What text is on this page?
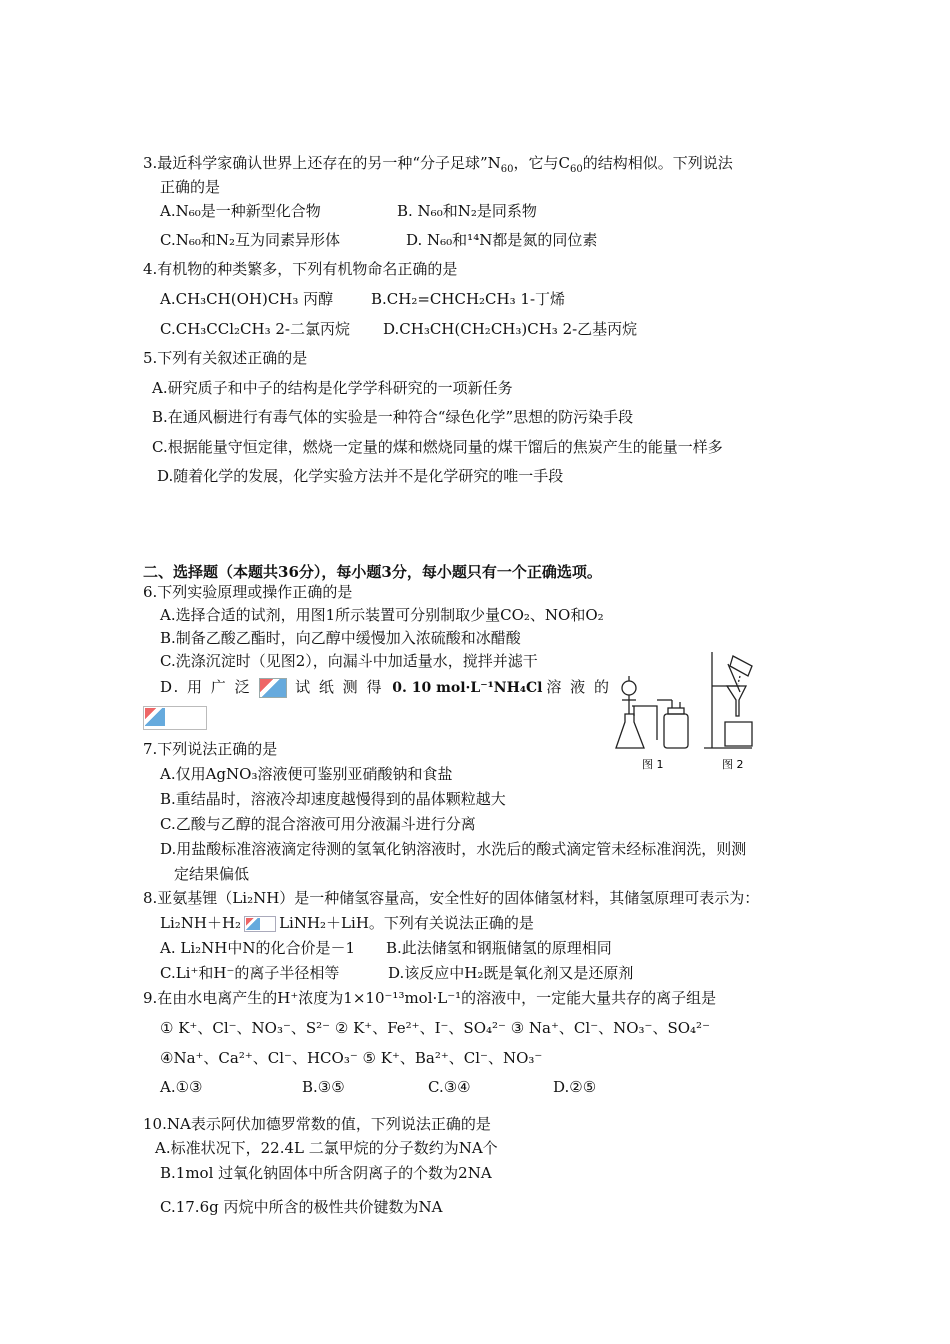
3.最近科学家确认世界上还存在的另一种“分子足球$”N_{60}$，它与$C_{60}$的结构相似。下列说法
正确的是
A.N₆₀是一种新型化合物	B. N₆₀和N₂是同系物
C.N₆₀和N₂互为同素异形体	D. N₆₀和¹⁴N都是氮的同位素
4.有机物的种类繁多，下列有机物命名正确的是
A.CH₃CH(OH)CH₃ 丙醇	B.CH₂=CHCH₂CH₃ 1-丁烯
C.CH₃CCl₂CH₃ 2-二氯丙烷 D.CH₃CH(CH₂CH₃)CH₃ 2-乙基丙烷
5.下列有关叙述正确的是
A.研究质子和中子的结构是化学学科研究的一项新任务
B.在通风橱进行有毒气体的实验是一种符合“绿色化学”思想的防污染手段
C.根据能量守恒定律，燃烧一定量的煤和燃烧同量的煤干馏后的焦炭产生的能量一样多
D.随着化学的发展，化学实验方法并不是化学研究的唯一手段
二、选择题（本题共36分），每小题3分，每小题只有一个正确选项。
6.下列实验原理或操作正确的是
A.选择合适的试剂，用图1所示装置可分别制取少量CO₂、NO和O₂
B.制备乙酸乙酯时，向乙醇中缓慢加入浓硫酸和冰醋酸
C.洗涤沉淀时（见图2），向漏斗中加适量水，搅拌并滤干
D. 用 广 泛	试 纸 测 得 0. 10 mol·L⁻¹NH₄Cl 溶 液 的
图 1	图 2
7.下列说法正确的是
A.仅用AgNO₃溶液便可鉴别亚硝酸钠和食盐
B.重结晶时，溶液冷却速度越慢得到的晶体颗粒越大
C.乙酸与乙醇的混合溶液可用分液漏斗进行分离
D.用盐酸标准溶液滴定待测的氢氧化钠溶液时，水洗后的酸式滴定管未经标准润洗，则测
定结果偏低
8.亚氨基锂（Li₂NH）是一种储氢容量高，安全性好的固体储氢材料，其储氢原理可表示为：
Li₂NH＋H₂	LiNH₂＋LiH。下列有关说法正确的是
A. Li₂NH中N的化合价是－1 B.此法储氢和钢瓶储氢的原理相同
C.Li⁺和H⁻的离子半径相等	D.该反应中H₂既是氧化剂又是还原剂
9.在由水电离产生的H⁺浓度为1×10⁻¹³mol·L⁻¹的溶液中，一定能大量共存的离子组是
① K⁺、Cl⁻、NO₃⁻、S²⁻ ② K⁺、Fe²⁺、I⁻、SO₄²⁻ ③ Na⁺、Cl⁻、NO₃⁻、SO₄²⁻
④Na⁺、Ca²⁺、Cl⁻、HCO₃⁻ ⑤ K⁺、Ba²⁺、Cl⁻、NO₃⁻
A.①③	B.③⑤	C.③④	D.②⑤
10.NA表示阿伏加德罗常数的值，下列说法正确的是
A.标准状况下，22.4L 二氯甲烷的分子数约为NA个
B.1mol 过氧化钠固体中所含阴离子的个数为2NA
C.17.6g 丙烷中所含的极性共价键数为NA
